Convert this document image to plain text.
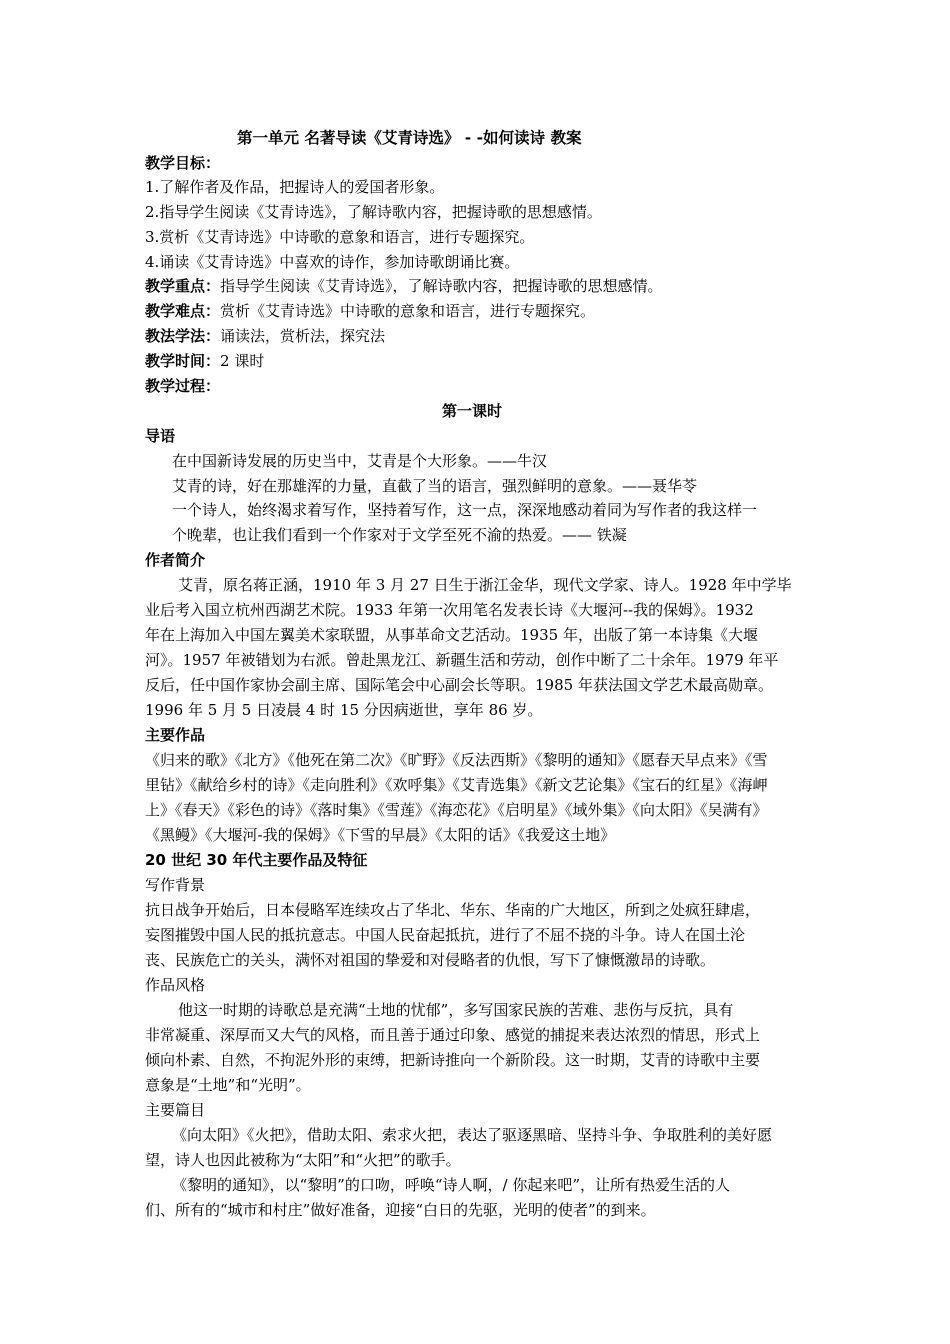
第一单元 名著导读《艾青诗选》 - -如何读诗 教案
教学目标：
1.了解作者及作品，把握诗人的爱国者形象。
2.指导学生阅读《艾青诗选》，了解诗歌内容，把握诗歌的思想感情。
3.赏析《艾青诗选》中诗歌的意象和语言，进行专题探究。
4.诵读《艾青诗选》中喜欢的诗作，参加诗歌朗诵比赛。
教学重点：指导学生阅读《艾青诗选》，了解诗歌内容，把握诗歌的思想感情。
教学难点：赏析《艾青诗选》中诗歌的意象和语言，进行专题探究。
教法学法：诵读法，赏析法，探究法
教学时间：2 课时
教学过程：
第一课时
导语
在中国新诗发展的历史当中，艾青是个大形象。——牛汉
艾青的诗，好在那雄浑的力量，直截了当的语言，强烈鲜明的意象。——聂华苓
一个诗人，始终渴求着写作，坚持着写作，这一点，深深地感动着同为写作者的我这样一
个晚辈，也让我们看到一个作家对于文学至死不渝的热爱。—— 铁凝
作者简介
艾青，原名蒋正涵，1910 年 3 月 27 日生于浙江金华，现代文学家、诗人。1928 年中学毕
业后考入国立杭州西湖艺术院。1933 年第一次用笔名发表长诗《大堰河--我的保姆》。1932
年在上海加入中国左翼美术家联盟，从事革命文艺活动。1935 年，出版了第一本诗集《大堰
河》。1957 年被错划为右派。曾赴黑龙江、新疆生活和劳动，创作中断了二十余年。1979 年平
反后，任中国作家协会副主席、国际笔会中心副会长等职。1985 年获法国文学艺术最高勋章。
1996 年 5 月 5 日凌晨 4 时 15 分因病逝世，享年 86 岁。
主要作品
《归来的歌》《北方》《他死在第二次》《旷野》《反法西斯》《黎明的通知》《愿春天早点来》《雪
里钻》《献给乡村的诗》《走向胜利》《欢呼集》《艾青选集》《新文艺论集》《宝石的红星》《海岬
上》《春天》《彩色的诗》《落时集》《雪莲》《海恋花》《启明星》《域外集》《向太阳》《吴满有》
《黑鳗》《大堰河-我的保姆》《下雪的早晨》《太阳的话》《我爱这土地》
20 世纪 30 年代主要作品及特征
写作背景
抗日战争开始后，日本侵略军连续攻占了华北、华东、华南的广大地区，所到之处疯狂肆虐，
妄图摧毁中国人民的抵抗意志。中国人民奋起抵抗，进行了不屈不挠的斗争。诗人在国土沦
丧、民族危亡的关头，满怀对祖国的挚爱和对侵略者的仇恨，写下了慷慨激昂的诗歌。
作品风格
他这一时期的诗歌总是充满“土地的忧郁”，多写国家民族的苦难、悲伤与反抗，具有
非常凝重、深厚而又大气的风格，而且善于通过印象、感觉的捕捉来表达浓烈的情思，形式上
倾向朴素、自然，不拘泥外形的束缚，把新诗推向一个新阶段。这一时期，艾青的诗歌中主要
意象是“土地”和“光明”。
主要篇目
《向太阳》《火把》，借助太阳、索求火把，表达了驱逐黑暗、坚持斗争、争取胜利的美好愿
望，诗人也因此被称为“太阳”和“火把”的歌手。
《黎明的通知》，以“黎明”的口吻，呼唤“诗人啊，/ 你起来吧”，让所有热爱生活的人
们、所有的“城市和村庄”做好准备，迎接“白日的先驱，光明的使者”的到来。
